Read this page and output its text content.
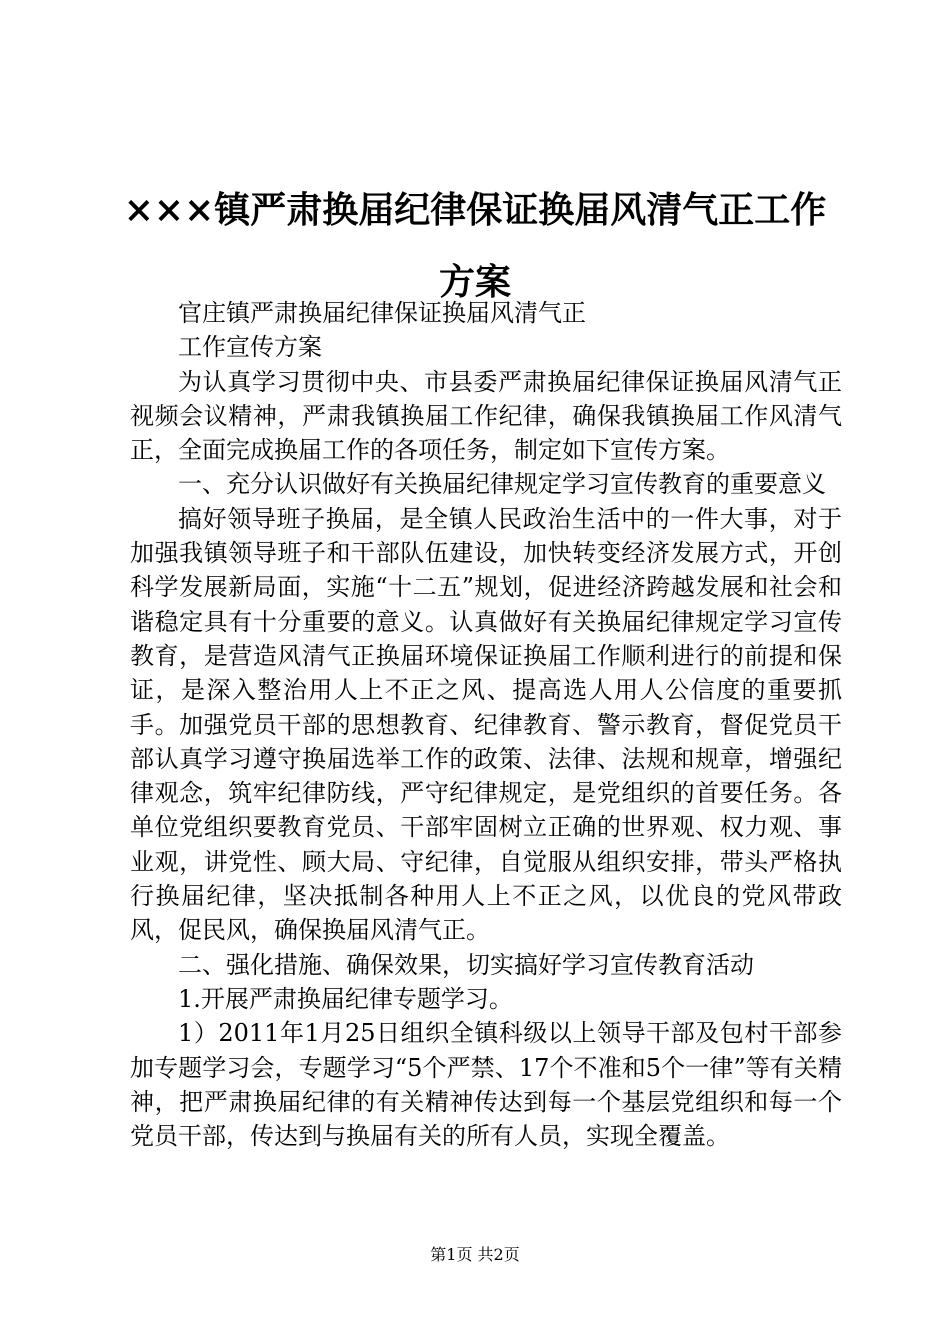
×××镇严肃换届纪律保证换届风清气正工作方案

官庄镇严肃换届纪律保证换届风清气正

工作宣传方案

为认真学习贯彻中央、市县委严肃换届纪律保证换届风清气正视频会议精神，严肃我镇换届工作纪律，确保我镇换届工作风清气正，全面完成换届工作的各项任务，制定如下宣传方案。

一、充分认识做好有关换届纪律规定学习宣传教育的重要意义

搞好领导班子换届，是全镇人民政治生活中的一件大事，对于加强我镇领导班子和干部队伍建设，加快转变经济发展方式，开创科学发展新局面，实施“十二五”规划，促进经济跨越发展和社会和谐稳定具有十分重要的意义。认真做好有关换届纪律规定学习宣传教育，是营造风清气正换届环境保证换届工作顺利进行的前提和保证，是深入整治用人上不正之风、提高选人用人公信度的重要抓手。加强党员干部的思想教育、纪律教育、警示教育，督促党员干部认真学习遵守换届选举工作的政策、法律、法规和规章，增强纪律观念，筑牢纪律防线，严守纪律规定，是党组织的首要任务。各单位党组织要教育党员、干部牢固树立正确的世界观、权力观、事业观，讲党性、顾大局、守纪律，自觉服从组织安排，带头严格执行换届纪律，坚决抵制各种用人上不正之风，以优良的党风带政风，促民风，确保换届风清气正。

二、强化措施、确保效果，切实搞好学习宣传教育活动

1.开展严肃换届纪律专题学习。

1）2011年1月25日组织全镇科级以上领导干部及包村干部参加专题学习会，专题学习“5个严禁、17个不准和5个一律”等有关精神，把严肃换届纪律的有关精神传达到每一个基层党组织和每一个党员干部，传达到与换届有关的所有人员，实现全覆盖。

第1页 共2页
